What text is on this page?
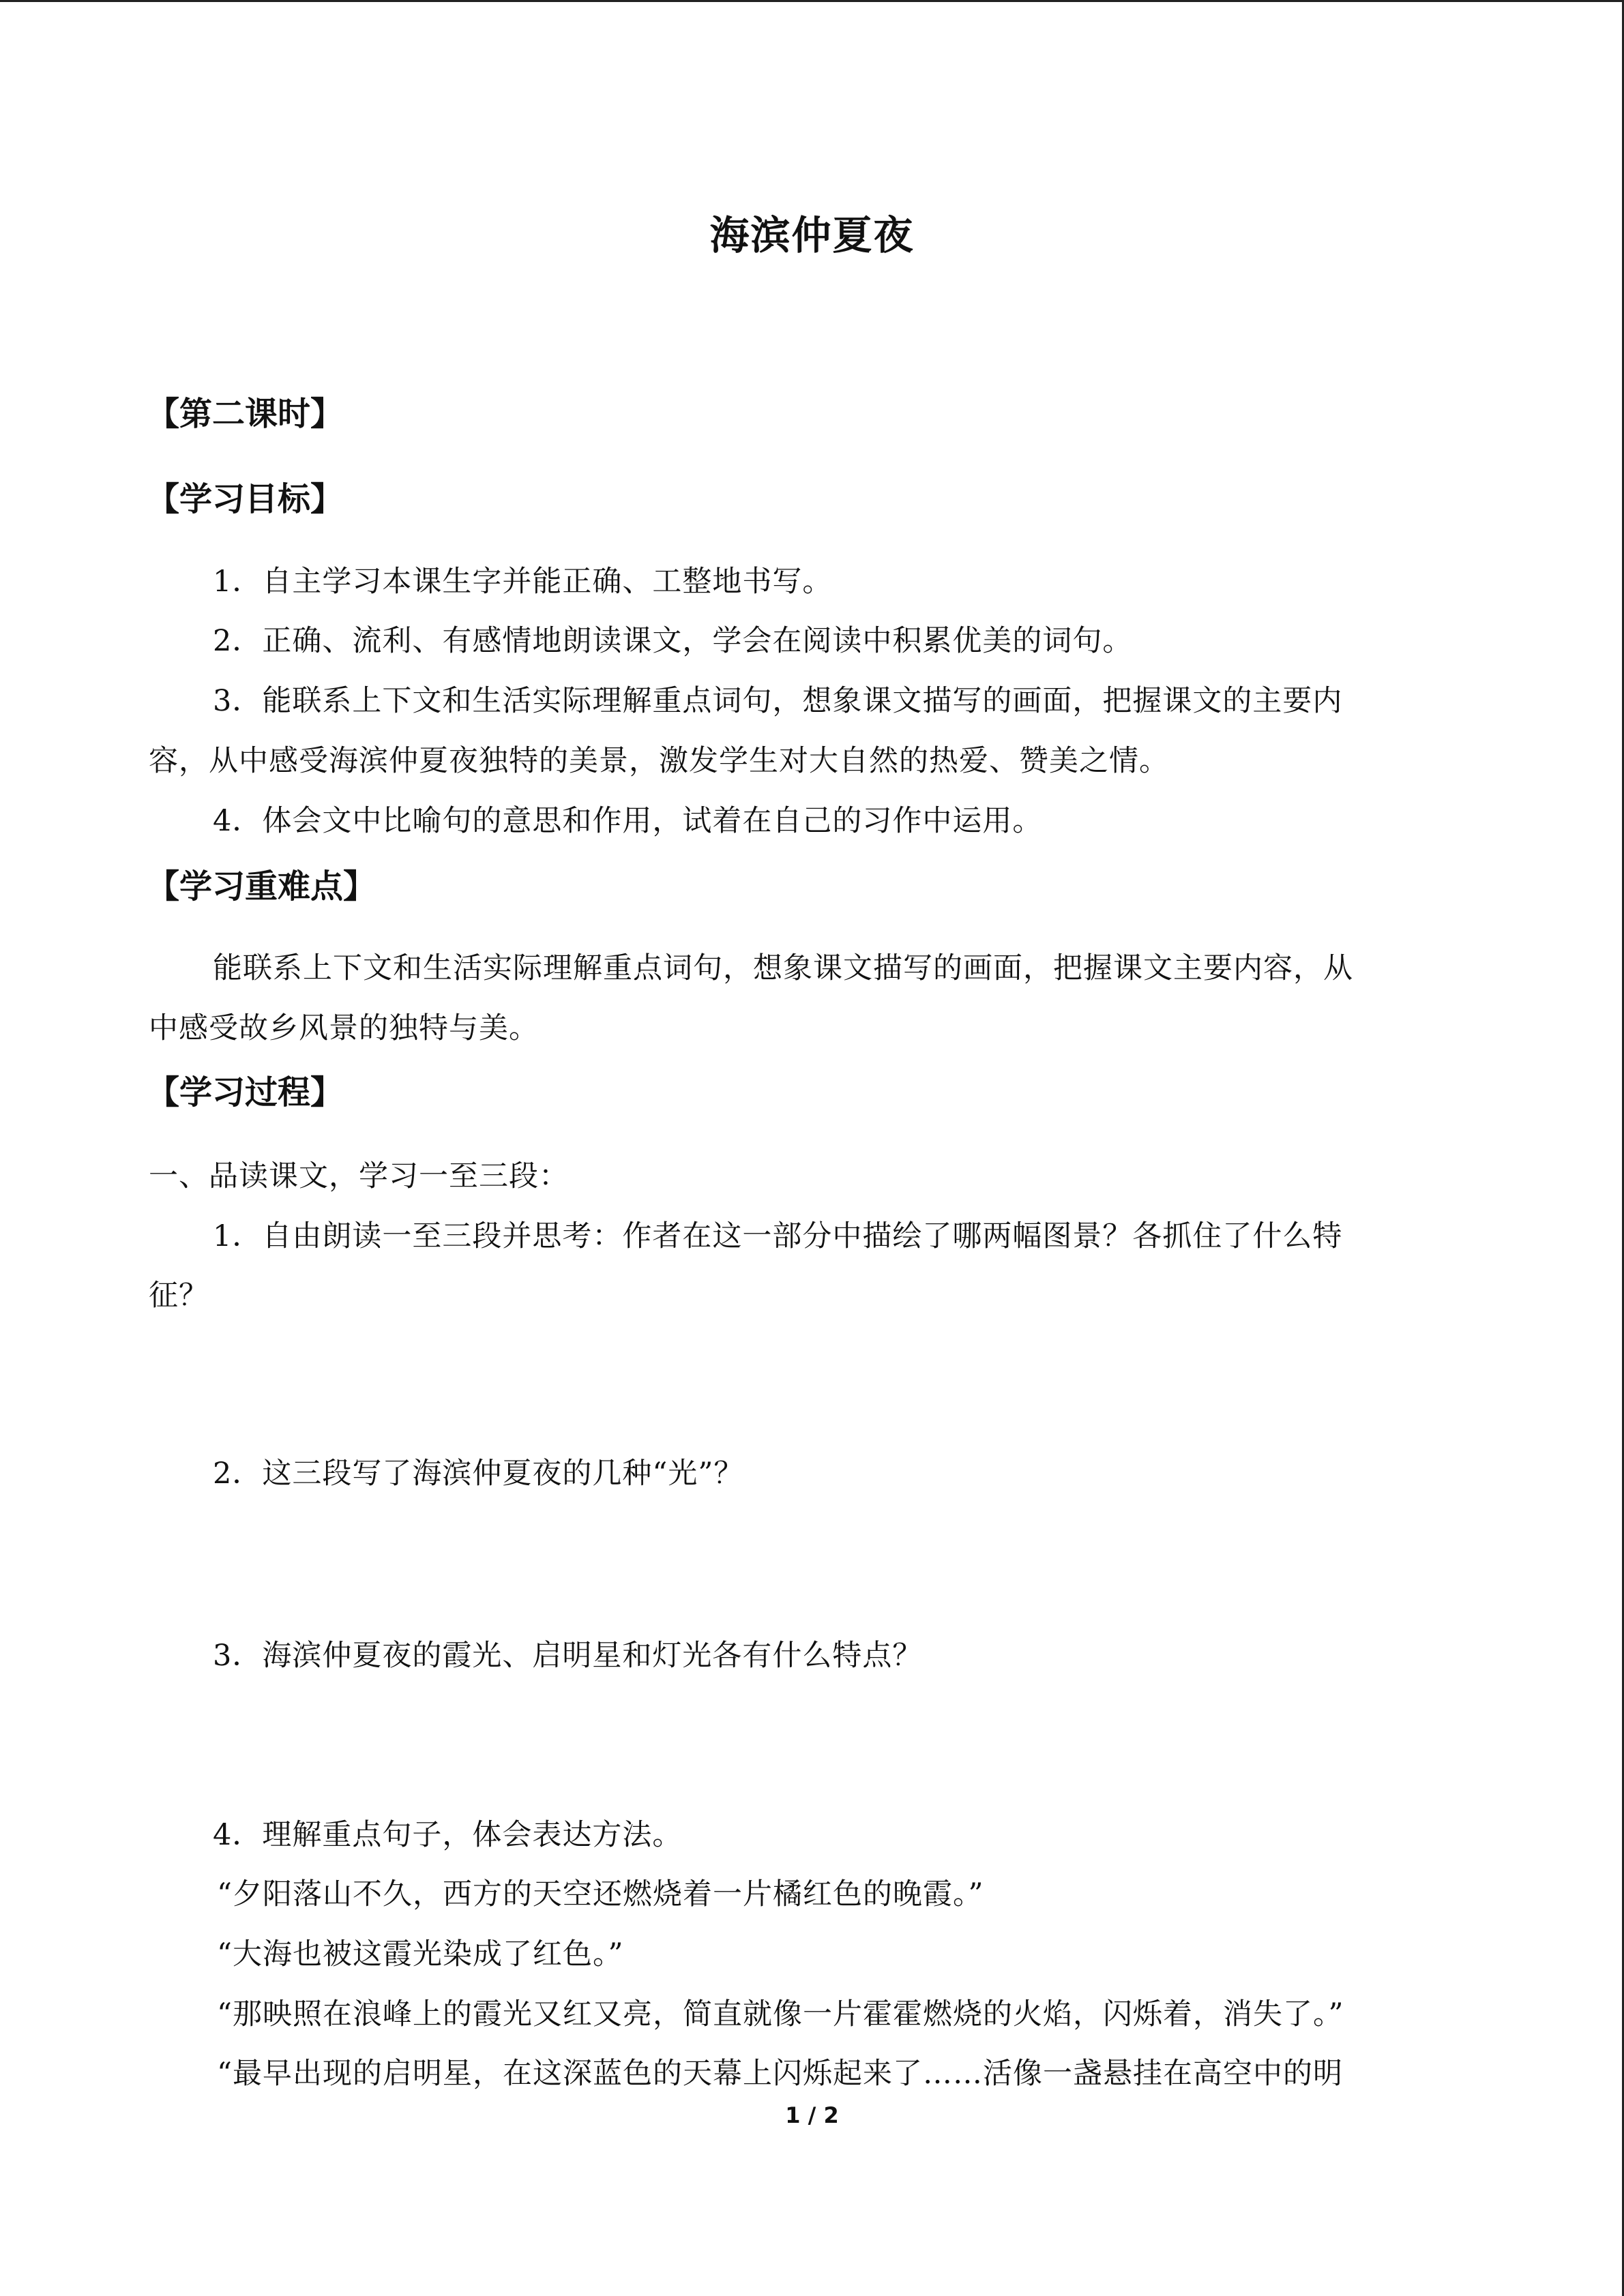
海滨仲夏夜
【第二课时】
【学习目标】
1．自主学习本课生字并能正确、工整地书写。
2．正确、流利、有感情地朗读课文，学会在阅读中积累优美的词句。
3．能联系上下文和生活实际理解重点词句，想象课文描写的画面，把握课文的主要内
容，从中感受海滨仲夏夜独特的美景，激发学生对大自然的热爱、赞美之情。
4．体会文中比喻句的意思和作用，试着在自己的习作中运用。
【学习重难点】
能联系上下文和生活实际理解重点词句，想象课文描写的画面，把握课文主要内容，从
中感受故乡风景的独特与美。
【学习过程】
一、品读课文，学习一至三段：
1．自由朗读一至三段并思考：作者在这一部分中描绘了哪两幅图景？各抓住了什么特
征？
2．这三段写了海滨仲夏夜的几种“光”？
3．海滨仲夏夜的霞光、启明星和灯光各有什么特点？
4．理解重点句子，体会表达方法。
“夕阳落山不久，西方的天空还燃烧着一片橘红色的晚霞。”
“大海也被这霞光染成了红色。”
“那映照在浪峰上的霞光又红又亮，简直就像一片霍霍燃烧的火焰，闪烁着，消失了。”
“最早出现的启明星，在这深蓝色的天幕上闪烁起来了……活像一盏悬挂在高空中的明
1 / 2
